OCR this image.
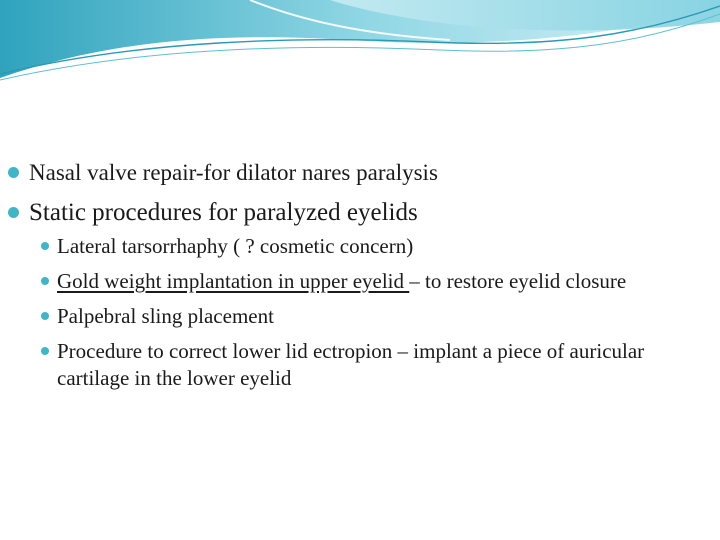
Nasal valve repair-for dilator nares paralysis
Static procedures for paralyzed eyelids
Lateral tarsorrhaphy ( ? cosmetic concern)
Gold weight implantation in upper eyelid – to restore eyelid closure
Palpebral sling placement
Procedure to correct lower lid ectropion – implant a piece of auricular cartilage in the lower eyelid
